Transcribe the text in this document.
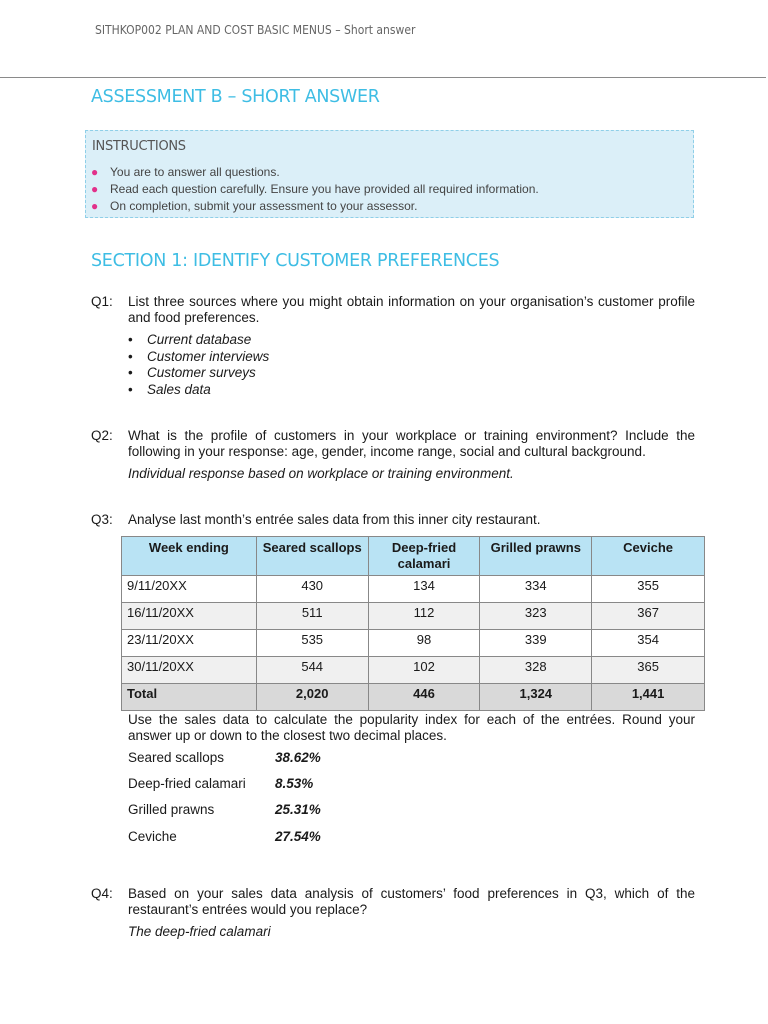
SITHKOP002 PLAN AND COST BASIC MENUS – Short answer
ASSESSMENT B – SHORT ANSWER
INSTRUCTIONS
● You are to answer all questions.
● Read each question carefully. Ensure you have provided all required information.
● On completion, submit your assessment to your assessor.
SECTION 1: IDENTIFY CUSTOMER PREFERENCES
Q1: List three sources where you might obtain information on your organisation’s customer profile and food preferences.
• Current database
• Customer interviews
• Customer surveys
• Sales data
Q2: What is the profile of customers in your workplace or training environment? Include the following in your response: age, gender, income range, social and cultural background.
Individual response based on workplace or training environment.
Q3: Analyse last month’s entrée sales data from this inner city restaurant.
Week ending	Seared scallops	Deep-fried calamari	Grilled prawns	Ceviche
9/11/20XX	430	134	334	355
16/11/20XX	511	112	323	367
23/11/20XX	535	98	339	354
30/11/20XX	544	102	328	365
Total	2,020	446	1,324	1,441
Use the sales data to calculate the popularity index for each of the entrées. Round your answer up or down to the closest two decimal places.
Seared scallops	38.62%
Deep-fried calamari 8.53%
Grilled prawns	25.31%
Ceviche	27.54%
Q4: Based on your sales data analysis of customers’ food preferences in Q3, which of the restaurant’s entrées would you replace?
The deep-fried calamari
